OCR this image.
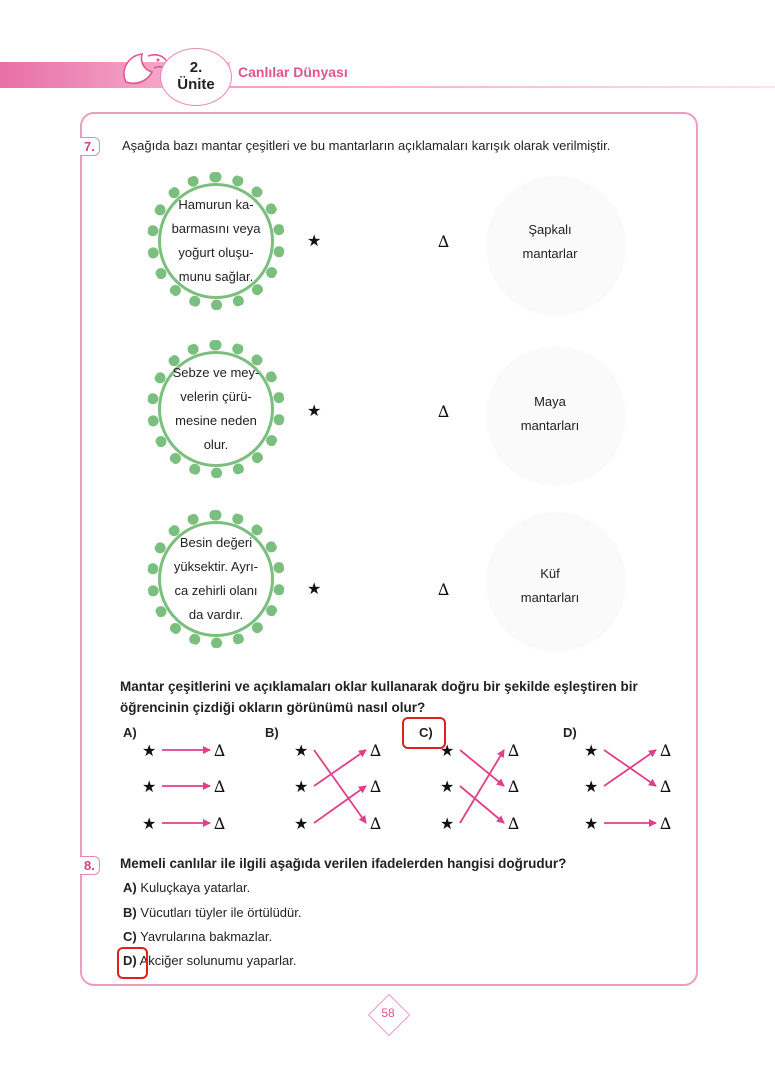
2.
Ünite
Canlılar Dünyası
7.	Aşağıda bazı mantar çeşitleri ve bu mantarların açıklamaları karışık olarak verilmiştir.
Hamurun ka-
barmasını veya
yoğurt oluşu-
munu sağlar.
Sebze ve mey-
velerin çürü-
mesine neden
olur.
Besin değeri
yüksektir. Ayrı-
ca zehirli olanı
da vardır.
★
★
★
∆
∆
∆
Şapkalı
mantarlar
Maya
mantarları
Küf
mantarları
Mantar çeşitlerini ve açıklamaları oklar kullanarak doğru bir şekilde eşleştiren bir
öğrencinin çizdiği okların görünümü nasıl olur?
A)	B)	C)	D)
★	∆
★	∆
★	∆
★	∆
★	∆
★	∆
★	∆
★	∆
★	∆
★	∆
★	∆
★	∆
8.	Memeli canlılar ile ilgili aşağıda verilen ifadelerden hangisi doğrudur?
A) Kuluçkaya yatarlar.
B) Vücutları tüyler ile örtülüdür.
C) Yavrularına bakmazlar.
D) Akciğer solunumu yaparlar.
58
